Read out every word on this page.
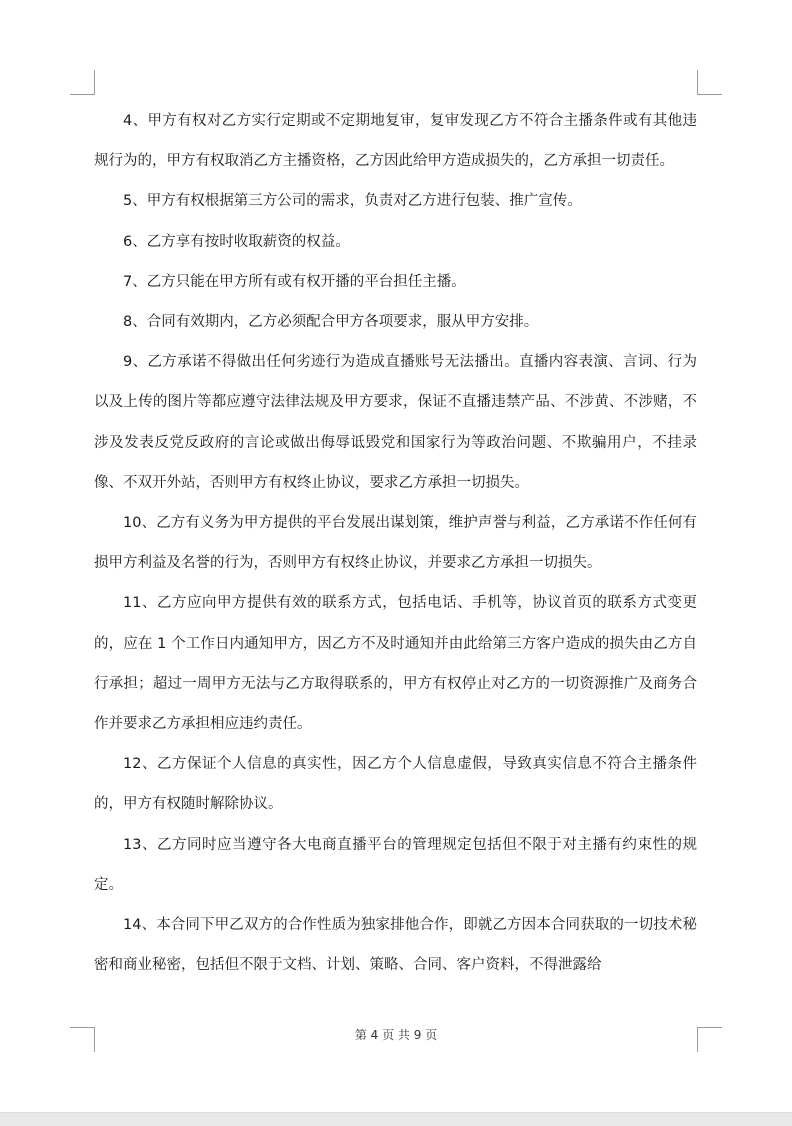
4、甲方有权对乙方实行定期或不定期地复审，复审发现乙方不符合主播条件或有其他违规行为的，甲方有权取消乙方主播资格，乙方因此给甲方造成损失的，乙方承担一切责任。

5、甲方有权根据第三方公司的需求，负责对乙方进行包装、推广宣传。

6、乙方享有按时收取薪资的权益。

7、乙方只能在甲方所有或有权开播的平台担任主播。

8、合同有效期内，乙方必须配合甲方各项要求，服从甲方安排。

9、乙方承诺不得做出任何劣迹行为造成直播账号无法播出。直播内容表演、言词、行为以及上传的图片等都应遵守法律法规及甲方要求，保证不直播违禁产品、不涉黄、不涉赌，不涉及发表反党反政府的言论或做出侮辱诋毁党和国家行为等政治问题、不欺骗用户，不挂录像、不双开外站，否则甲方有权终止协议，要求乙方承担一切损失。

10、乙方有义务为甲方提供的平台发展出谋划策，维护声誉与利益，乙方承诺不作任何有损甲方利益及名誉的行为，否则甲方有权终止协议，并要求乙方承担一切损失。

11、乙方应向甲方提供有效的联系方式，包括电话、手机等，协议首页的联系方式变更的，应在 1 个工作日内通知甲方，因乙方不及时通知并由此给第三方客户造成的损失由乙方自行承担；超过一周甲方无法与乙方取得联系的，甲方有权停止对乙方的一切资源推广及商务合作并要求乙方承担相应违约责任。

12、乙方保证个人信息的真实性，因乙方个人信息虚假，导致真实信息不符合主播条件的，甲方有权随时解除协议。

13、乙方同时应当遵守各大电商直播平台的管理规定包括但不限于对主播有约束性的规定。

14、本合同下甲乙双方的合作性质为独家排他合作，即就乙方因本合同获取的一切技术秘密和商业秘密，包括但不限于文档、计划、策略、合同、客户资料，不得泄露给

第 4 页 共 9 页
